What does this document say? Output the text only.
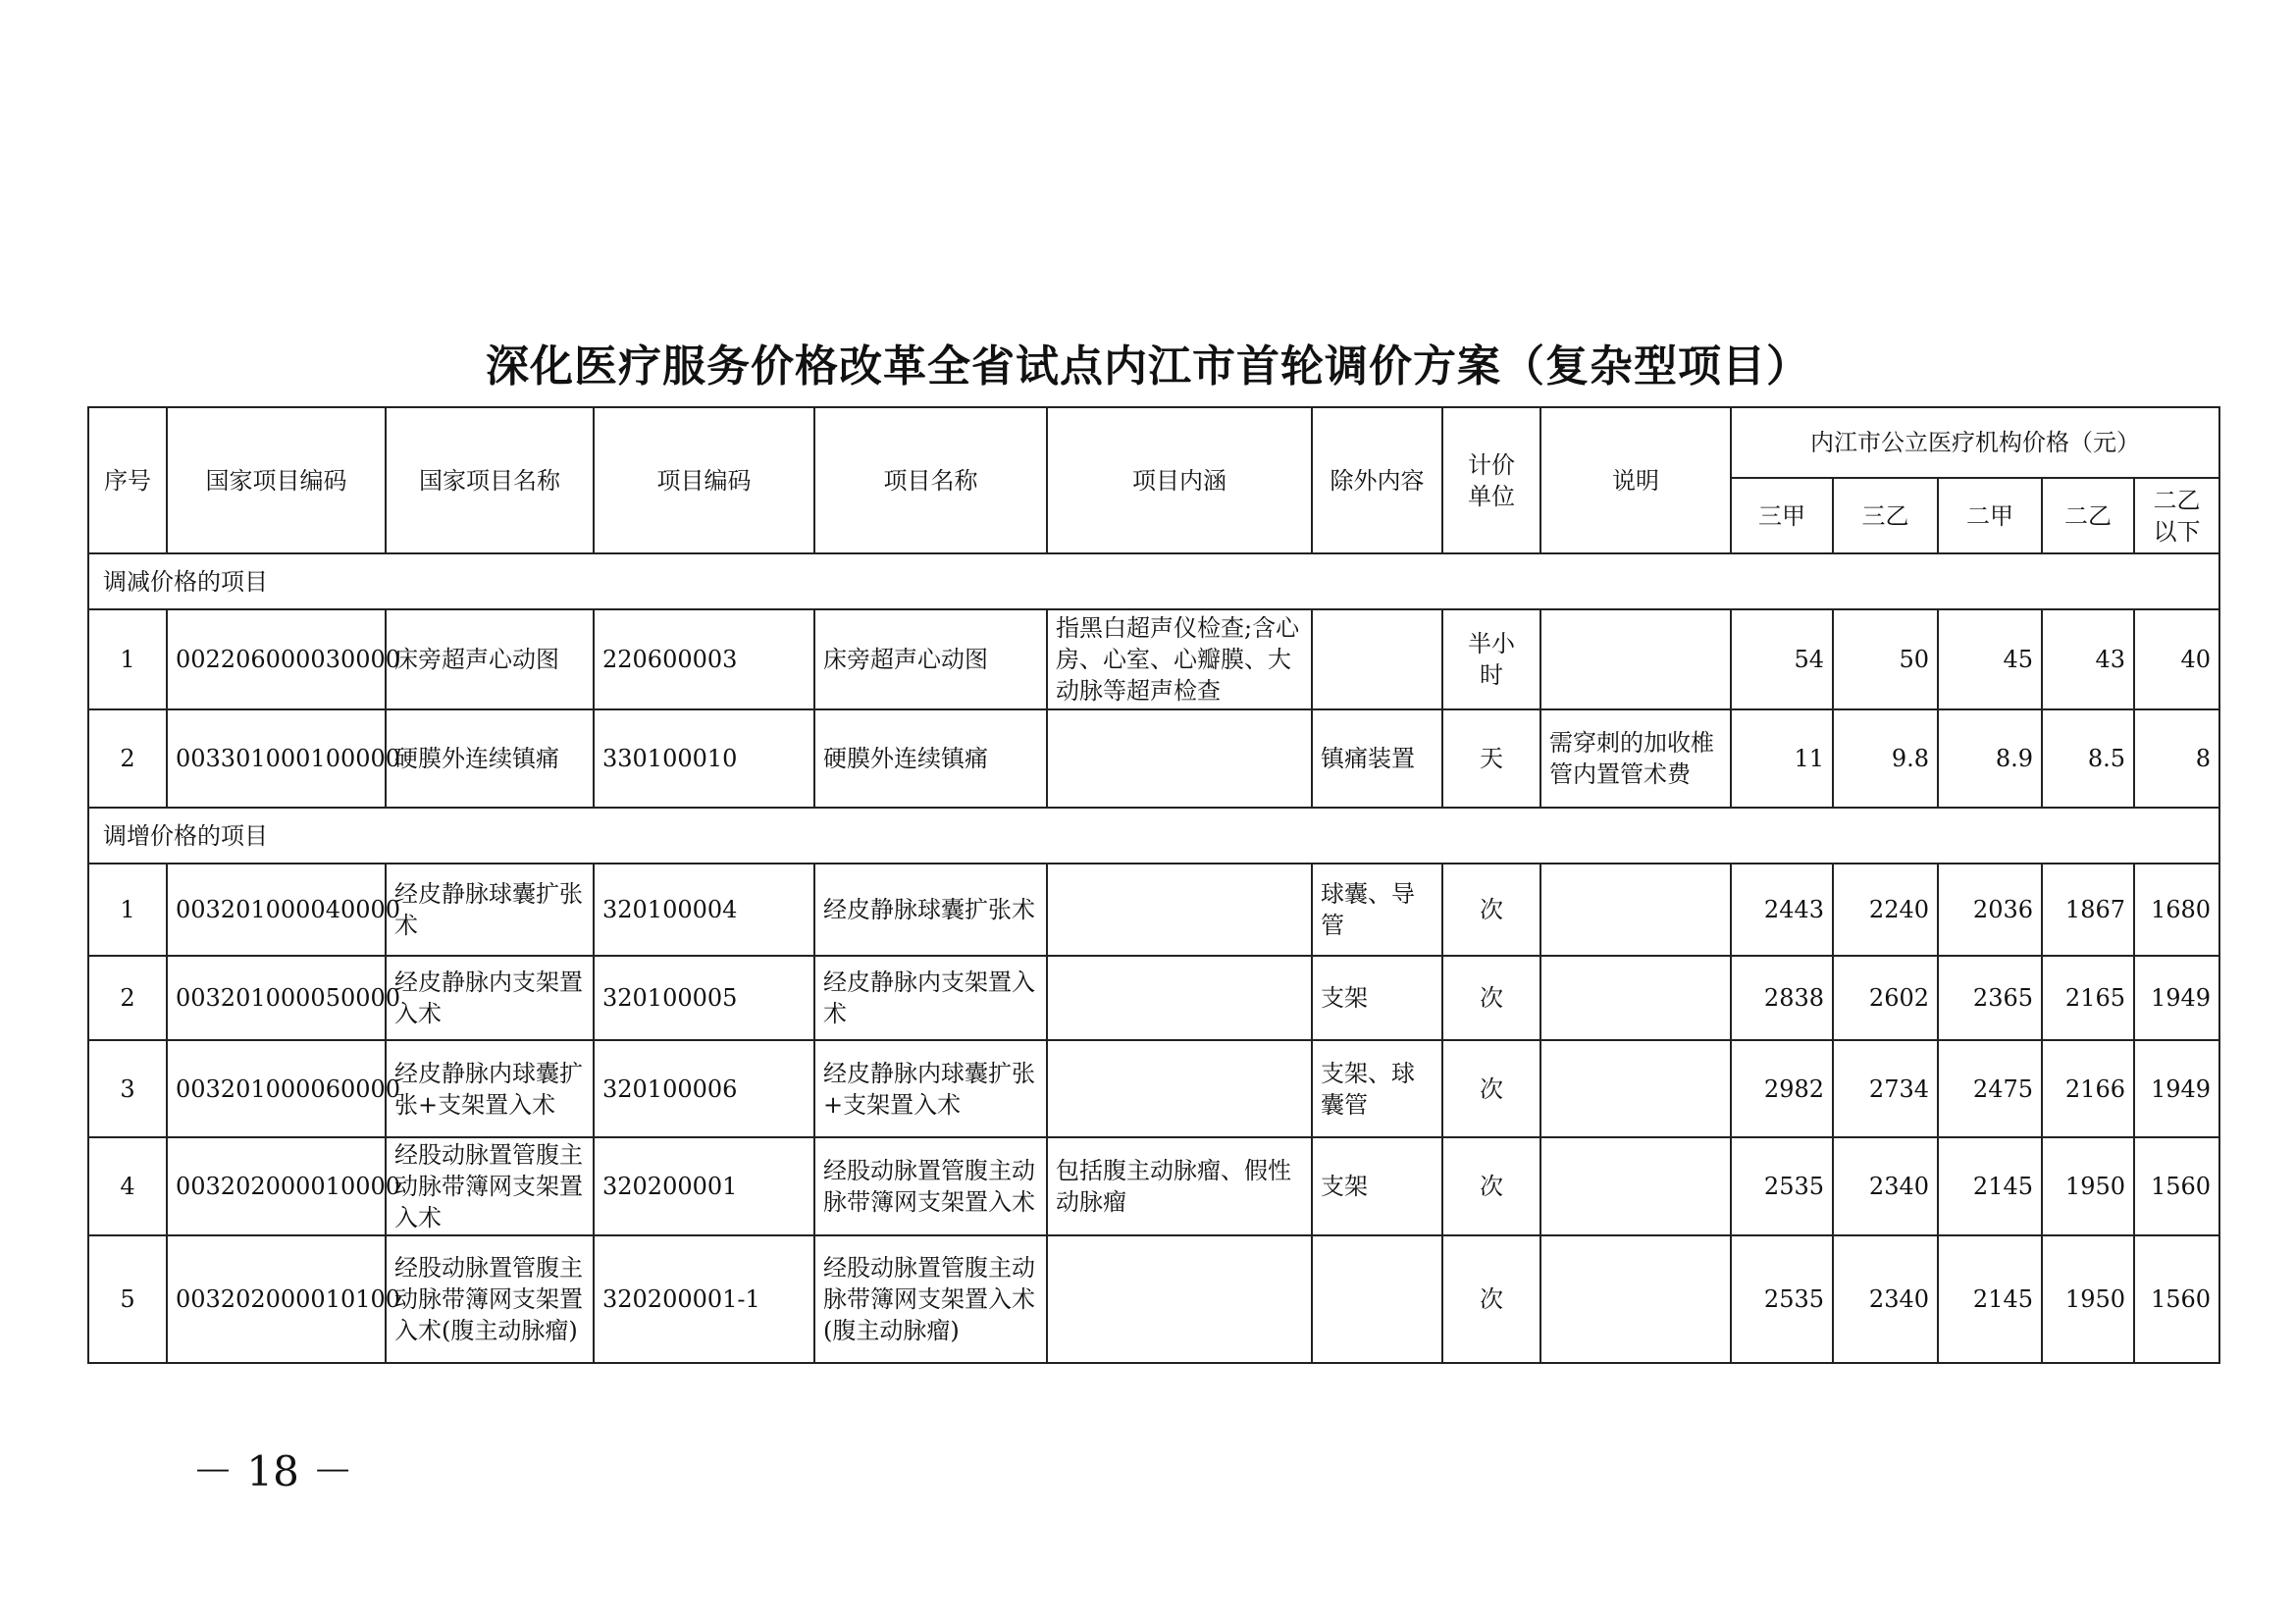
深化医疗服务价格改革全省试点内江市首轮调价方案（复杂型项目）
序号	国家项目编码	国家项目名称	项目编码	项目名称	项目内涵	除外内容	计价单位	说明	内江市公立医疗机构价格（元）				
									三甲	三乙	二甲	二乙	二乙以下
调减价格的项目													
1	002206000030000	床旁超声心动图	220600003	床旁超声心动图	指黑白超声仪检查;含心房、心室、心瓣膜、大动脉等超声检查		半小时		54	50	45	43	40
2	003301000100000	硬膜外连续镇痛	330100010	硬膜外连续镇痛		镇痛装置	天	需穿刺的加收椎管内置管术费	11	9.8	8.9	8.5	8
调增价格的项目													
1	003201000040000	经皮静脉球囊扩张术	320100004	经皮静脉球囊扩张术		球囊、导管	次		2443	2240	2036	1867	1680
2	003201000050000	经皮静脉内支架置入术	320100005	经皮静脉内支架置入术		支架	次		2838	2602	2365	2165	1949
3	003201000060000	经皮静脉内球囊扩张+支架置入术	320100006	经皮静脉内球囊扩张+支架置入术		支架、球囊管	次		2982	2734	2475	2166	1949
4	003202000010000	经股动脉置管腹主动脉带簿网支架置入术	320200001	经股动脉置管腹主动脉带簿网支架置入术	包括腹主动脉瘤、假性动脉瘤	支架	次		2535	2340	2145	1950	1560
5	003202000010100	经股动脉置管腹主动脉带簿网支架置入术(腹主动脉瘤)	320200001-1	经股动脉置管腹主动脉带簿网支架置入术(腹主动脉瘤)			次		2535	2340	2145	1950	1560
－ 18 －
